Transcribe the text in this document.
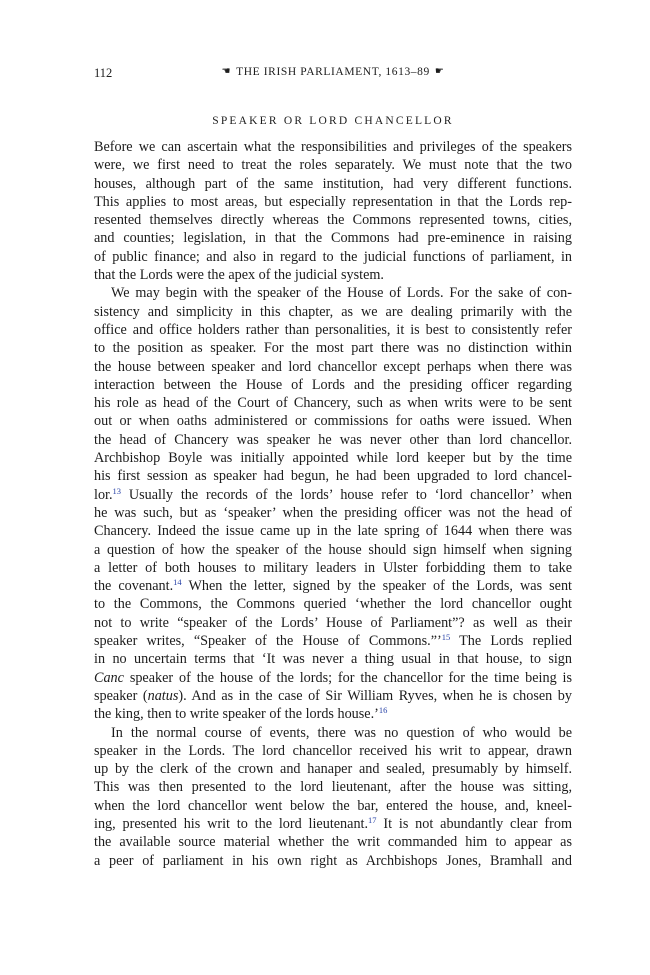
112	☚ THE IRISH PARLIAMENT, 1613–89 ☛
SPEAKER OR LORD CHANCELLOR
Before we can ascertain what the responsibilities and privileges of the speakers
were, we first need to treat the roles separately. We must note that the two
houses, although part of the same institution, had very different functions.
This applies to most areas, but especially representation in that the Lords rep-
resented themselves directly whereas the Commons represented towns, cities,
and counties; legislation, in that the Commons had pre-eminence in raising
of public finance; and also in regard to the judicial functions of parliament, in
that the Lords were the apex of the judicial system.
We may begin with the speaker of the House of Lords. For the sake of con-
sistency and simplicity in this chapter, as we are dealing primarily with the
office and office holders rather than personalities, it is best to consistently refer
to the position as speaker. For the most part there was no distinction within
the house between speaker and lord chancellor except perhaps when there was
interaction between the House of Lords and the presiding officer regarding
his role as head of the Court of Chancery, such as when writs were to be sent
out or when oaths administered or commissions for oaths were issued. When
the head of Chancery was speaker he was never other than lord chancellor.
Archbishop Boyle was initially appointed while lord keeper but by the time
his first session as speaker had begun, he had been upgraded to lord chancel-
lor.$^{13}$ Usually the records of the lords’ house refer to ‘lord chancellor’ when
he was such, but as ‘speaker’ when the presiding officer was not the head of
Chancery. Indeed the issue came up in the late spring of 1644 when there was
a question of how the speaker of the house should sign himself when signing
a letter of both houses to military leaders in Ulster forbidding them to take
the covenant.$^{14}$ When the letter, signed by the speaker of the Lords, was sent
to the Commons, the Commons queried ‘whether the lord chancellor ought
not to write “speaker of the Lords’ House of Parliament”? as well as their
speaker writes, “Speaker of the House of Commons.”’$^{15}$ The Lords replied
in no uncertain terms that ‘It was never a thing usual in that house, to sign
Canc speaker of the house of the lords; for the chancellor for the time being is
speaker (natus). And as in the case of Sir William Ryves, when he is chosen by
the king, then to write speaker of the lords house.’$^{16}$
In the normal course of events, there was no question of who would be
speaker in the Lords. The lord chancellor received his writ to appear, drawn
up by the clerk of the crown and hanaper and sealed, presumably by himself.
This was then presented to the lord lieutenant, after the house was sitting,
when the lord chancellor went below the bar, entered the house, and, kneel-
ing, presented his writ to the lord lieutenant.$^{17}$ It is not abundantly clear from
the available source material whether the writ commanded him to appear as
a peer of parliament in his own right as Archbishops Jones, Bramhall and
